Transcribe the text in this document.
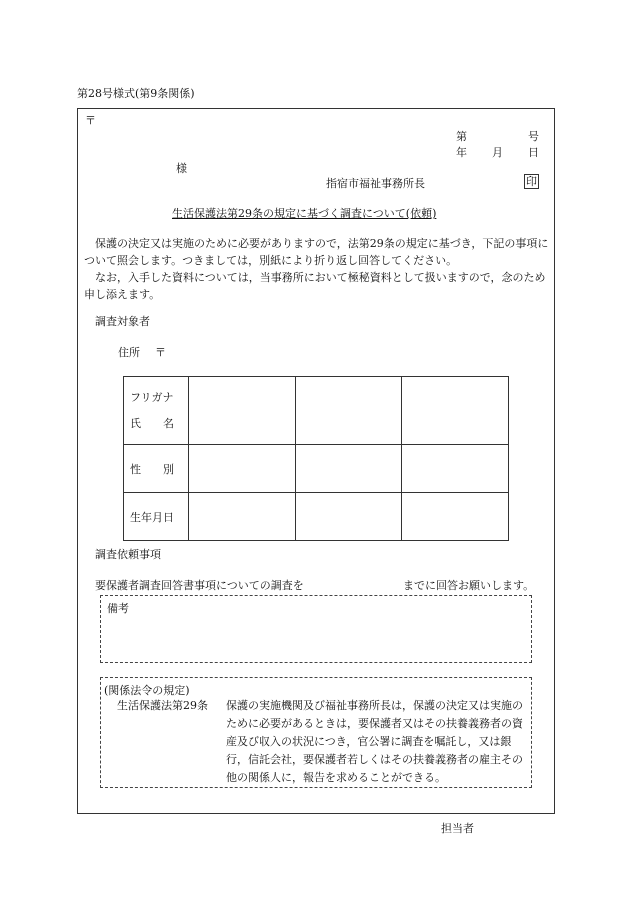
第28号様式(第9条関係)
〒
第	号
年 月 日
様
指宿市福祉事務所長	印
生活保護法第29条の規定に基づく調査について(依頼)

保護の決定又は実施のために必要がありますので，法第29条の規定に基づき，下記の事項について照会します。つきましては，別紙により折り返し回答してください。

なお，入手した資料については，当事務所において極秘資料として扱いますので，念のため申し添えます。

調査対象者
住所 〒
フリガナ
氏　　名			

性　　別			
生年月日			
調査依頼事項
要保護者調査回答書事項についての調査を	までに回答お願いします。
備考
(関係法令の規定)
生活保護法第29条 保護の実施機関及び福祉事務所長は，保護の決定又は実施のために必要があるときは，要保護者又はその扶養義務者の資産及び収入の状況につき，官公署に調査を嘱託し，又は銀行，信託会社，要保護者若しくはその扶養義務者の雇主その他の関係人に，報告を求めることができる。
担当者
